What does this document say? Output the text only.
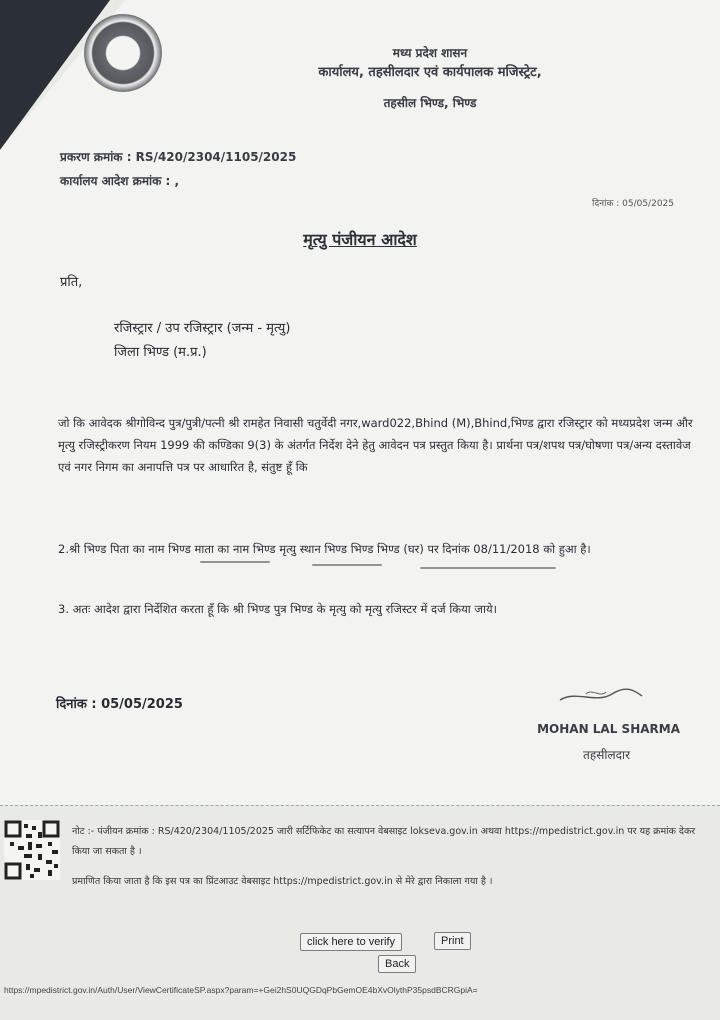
मध्य प्रदेश शासन
कार्यालय, तहसीलदार एवं कार्यपालक मजिस्ट्रेट,
तहसील भिण्ड, भिण्ड
प्रकरण क्रमांक : RS/420/2304/1105/2025
कार्यालय आदेश क्रमांक : ,
दिनांक : 05/05/2025
मृत्यु पंजीयन आदेश
प्रति,
रजिस्ट्रार / उप रजिस्ट्रार (जन्म - मृत्यु)
जिला भिण्ड (म.प्र.)
जो कि आवेदक श्रीगोविन्द पुत्र/पुत्री/पत्नी श्री रामहेत निवासी चतुर्वेदी नगर,ward022,Bhind (M),Bhind,भिण्ड द्वारा रजिस्ट्रार को मध्यप्रदेश जन्म और मृत्यु रजिस्ट्रीकरण नियम 1999 की कण्डिका 9(3) के अंतर्गत निर्देश देने हेतु आवेदन पत्र प्रस्तुत किया है। प्रार्थना पत्र/शपथ पत्र/घोषणा पत्र/अन्य दस्तावेज एवं नगर निगम का अनापत्ति पत्र पर आधारित है, संतुष्ट हूँ कि
2.श्री भिण्ड पिता का नाम भिण्ड माता का नाम भिण्ड मृत्यु स्थान भिण्ड भिण्ड भिण्ड (घर) पर दिनांक 08/11/2018 को हुआ है।
3. अतः आदेश द्वारा निर्देशित करता हूँ कि श्री भिण्ड पुत्र भिण्ड के मृत्यु को मृत्यु रजिस्टर में दर्ज किया जाये।
दिनांक : 05/05/2025
MOHAN LAL SHARMA
तहसीलदार
नोट :- पंजीयन क्रमांक : RS/420/2304/1105/2025 जारी सर्टिफिकेट का सत्यापन वेबसाइट lokseva.gov.in अथवा https://mpedistrict.gov.in पर यह क्रमांक देकर किया जा सकता है ।
प्रमाणित किया जाता है कि इस पत्र का प्रिंटआउट वेबसाइट https://mpedistrict.gov.in से मेरे द्वारा निकाला गया है ।
click here to verify	Print
Back
https://mpedistrict.gov.in/Auth/User/ViewCertificateSP.aspx?param=+Gei2hS0UQGDqPbGemOE4bXvOlythP35psdBCRGpiA=
